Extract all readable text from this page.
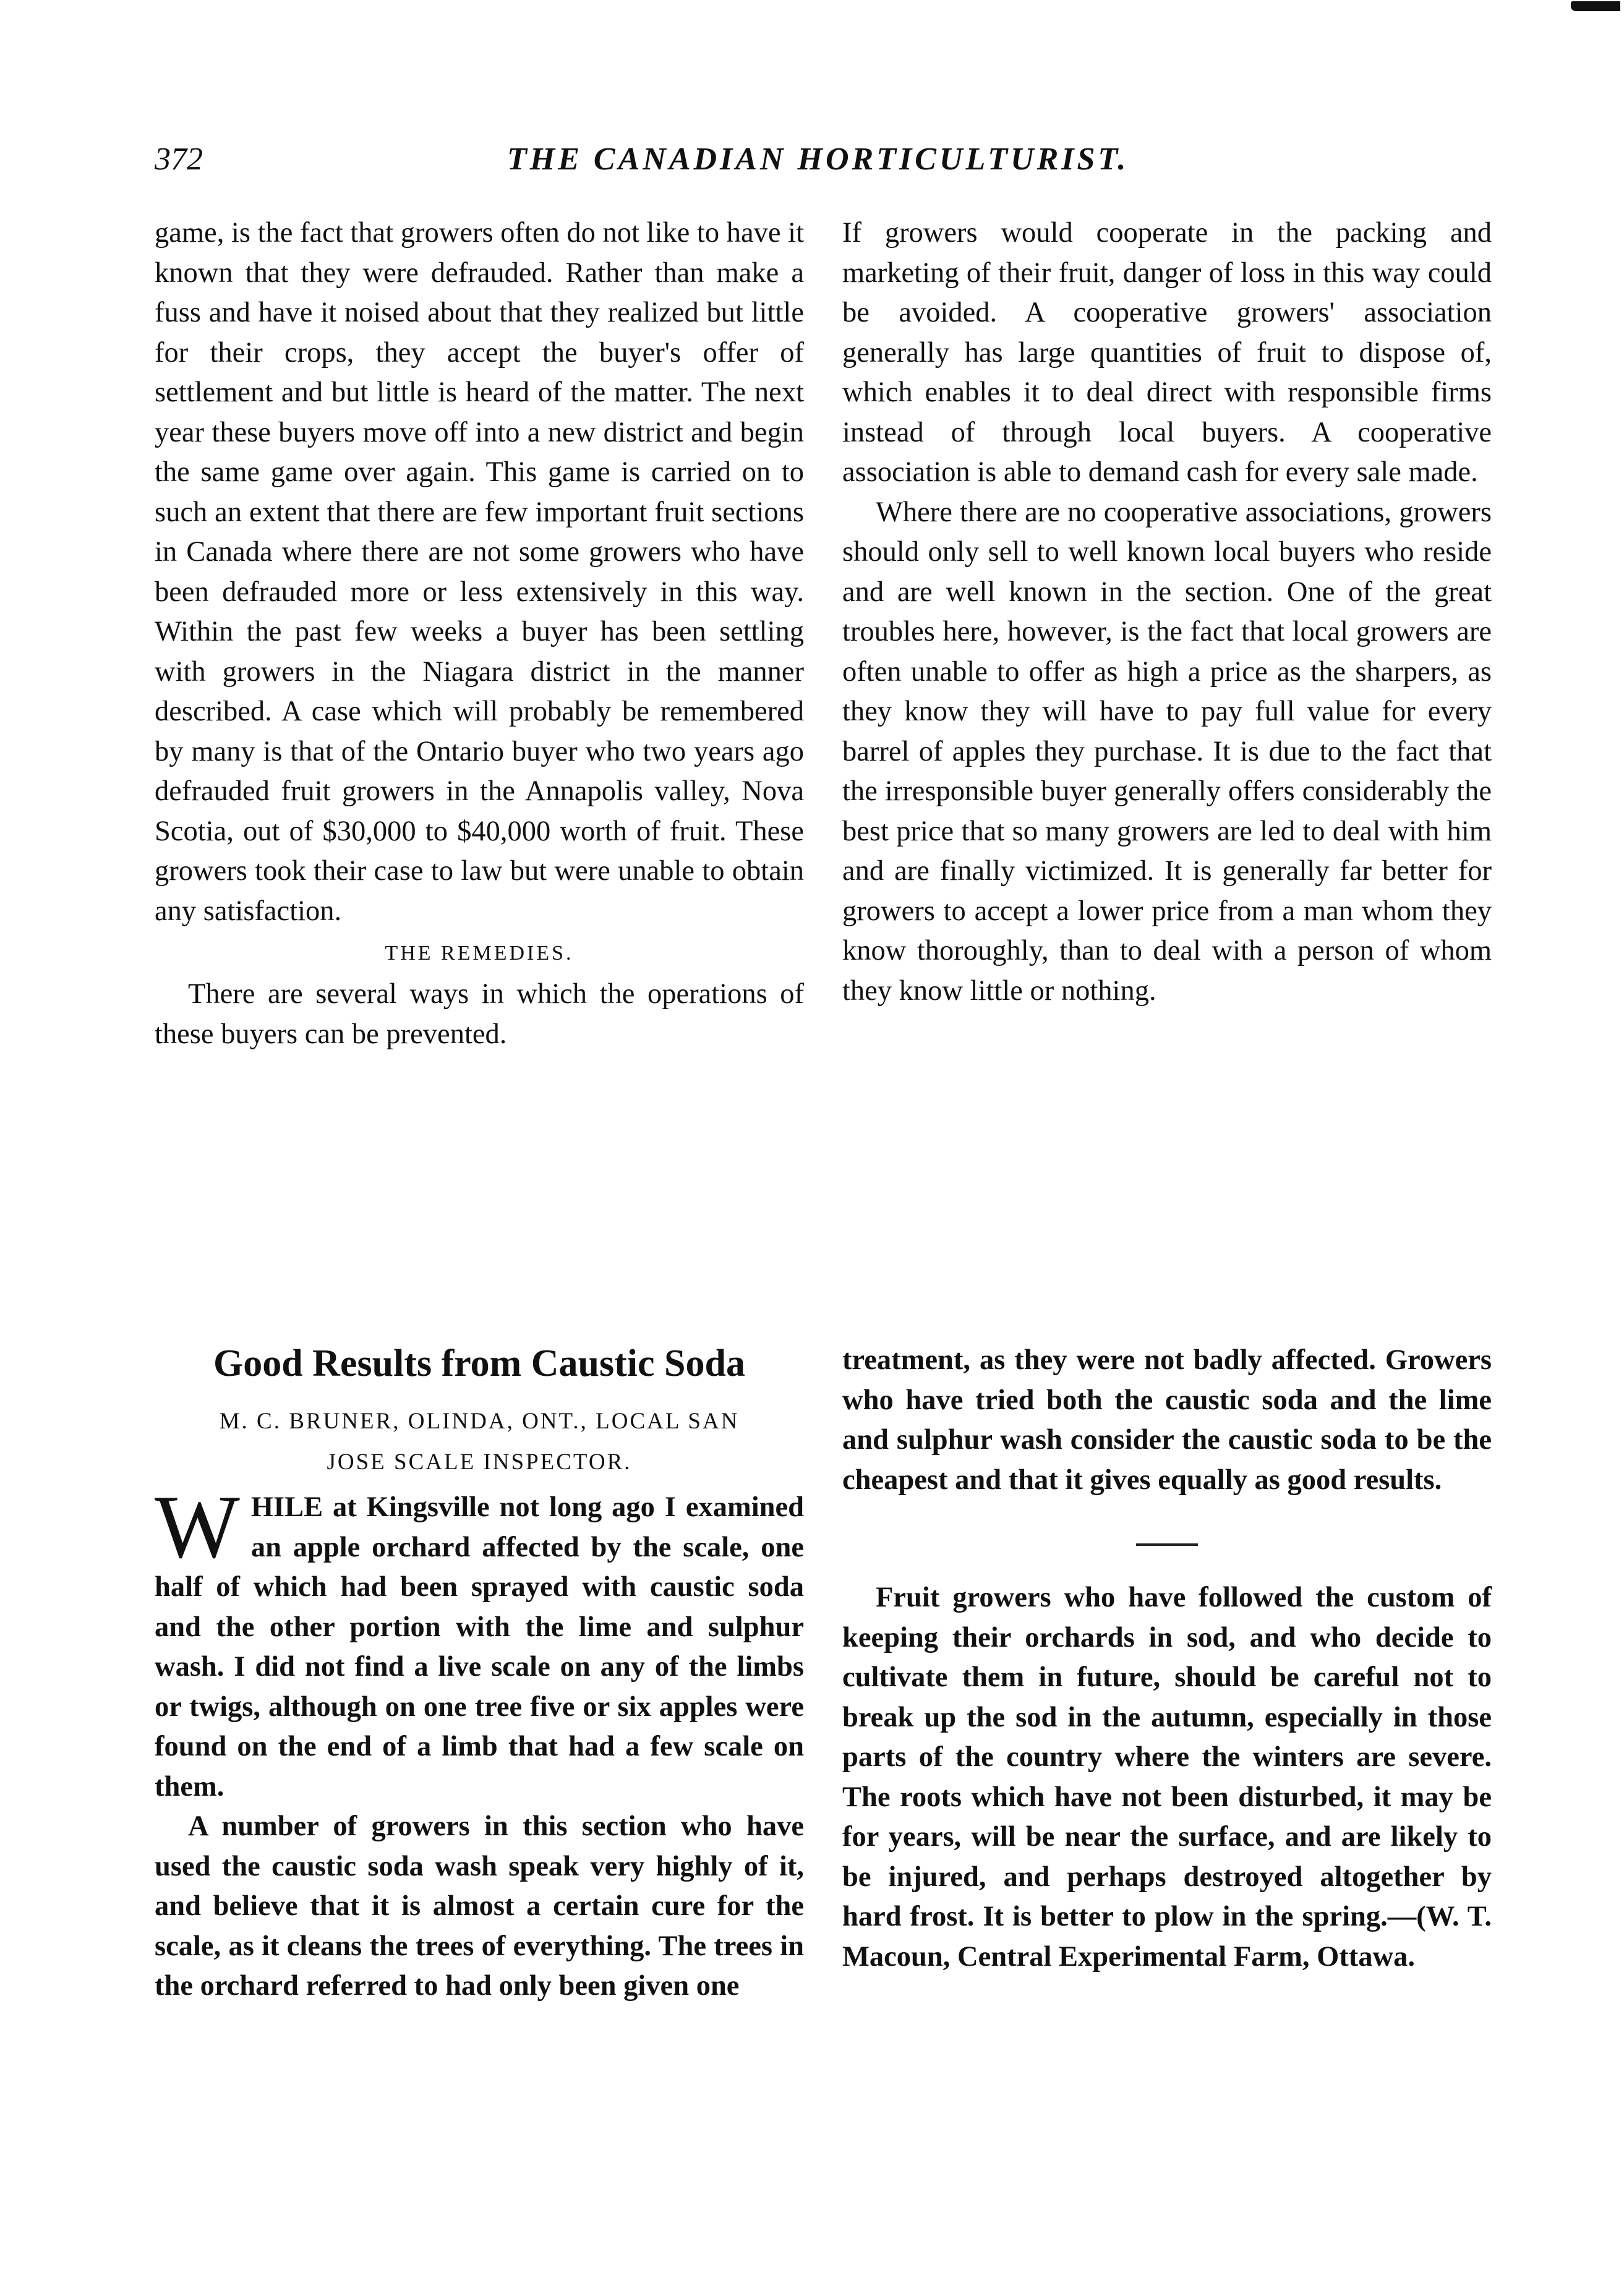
372	THE CANADIAN HORTICULTURIST.

game, is the fact that growers often do not like to have it known that they were defrauded. Rather than make a fuss and have it noised about that they realized but little for their crops, they accept the buyer's offer of settlement and but little is heard of the matter. The next year these buyers move off into a new district and begin the same game over again. This game is carried on to such an extent that there are few important fruit sections in Canada where there are not some growers who have been defrauded more or less extensively in this way. Within the past few weeks a buyer has been settling with growers in the Niagara district in the manner described. A case which will probably be remembered by many is that of the Ontario buyer who two years ago defrauded fruit growers in the Annapolis valley, Nova Scotia, out of $30,000 to $40,000 worth of fruit. These growers took their case to law but were unable to obtain any satisfaction.

THE REMEDIES.

There are several ways in which the operations of these buyers can be prevented.

If growers would cooperate in the packing and marketing of their fruit, danger of loss in this way could be avoided. A cooperative growers' association generally has large quantities of fruit to dispose of, which enables it to deal direct with responsible firms instead of through local buyers. A cooperative association is able to demand cash for every sale made.

Where there are no cooperative associations, growers should only sell to well known local buyers who reside and are well known in the section. One of the great troubles here, however, is the fact that local growers are often unable to offer as high a price as the sharpers, as they know they will have to pay full value for every barrel of apples they purchase. It is due to the fact that the irresponsible buyer generally offers considerably the best price that so many growers are led to deal with him and are finally victimized. It is generally far better for growers to accept a lower price from a man whom they know thoroughly, than to deal with a person of whom they know little or nothing.

Good Results from Caustic Soda
M. C. BRUNER, OLINDA, ONT., LOCAL SAN
JOSE SCALE INSPECTOR.

WHILE at Kingsville not long ago I examined an apple orchard affected by the scale, one half of which had been sprayed with caustic soda and the other portion with the lime and sulphur wash. I did not find a live scale on any of the limbs or twigs, although on one tree five or six apples were found on the end of a limb that had a few scale on them.

A number of growers in this section who have used the caustic soda wash speak very highly of it, and believe that it is almost a certain cure for the scale, as it cleans the trees of everything. The trees in the orchard referred to had only been given one

treatment, as they were not badly affected. Growers who have tried both the caustic soda and the lime and sulphur wash consider the caustic soda to be the cheapest and that it gives equally as good results.

Fruit growers who have followed the custom of keeping their orchards in sod, and who decide to cultivate them in future, should be careful not to break up the sod in the autumn, especially in those parts of the country where the winters are severe. The roots which have not been disturbed, it may be for years, will be near the surface, and are likely to be injured, and perhaps destroyed altogether by hard frost. It is better to plow in the spring.—(W. T. Macoun, Central Experimental Farm, Ottawa.
